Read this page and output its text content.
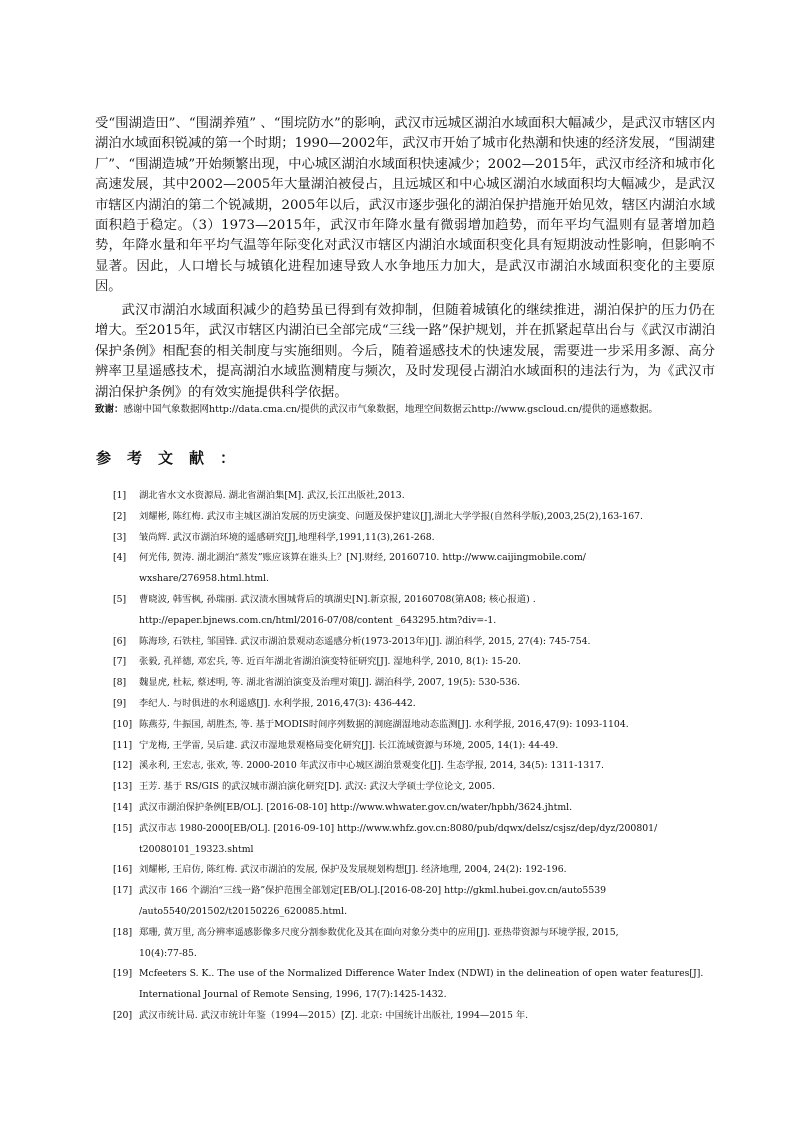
受“围湖造田”、“围湖养殖” 、“围垸防水”的影响，武汉市远城区湖泊水域面积大幅减少，是武汉市辖区内湖泊水域面积锐减的第一个时期；1990—2002年，武汉市开始了城市化热潮和快速的经济发展，“围湖建厂”、“围湖造城”开始频繁出现，中心城区湖泊水域面积快速减少；2002—2015年，武汉市经济和城市化高速发展，其中2002—2005年大量湖泊被侵占，且远城区和中心城区湖泊水域面积均大幅减少，是武汉市辖区内湖泊的第二个锐减期，2005年以后，武汉市逐步强化的湖泊保护措施开始见效，辖区内湖泊水域面积趋于稳定。（3）1973—2015年，武汉市年降水量有微弱增加趋势，而年平均气温则有显著增加趋势，年降水量和年平均气温等年际变化对武汉市辖区内湖泊水域面积变化具有短期波动性影响，但影响不显著。因此，人口增长与城镇化进程加速导致人水争地压力加大，是武汉市湖泊水域面积变化的主要原因。

武汉市湖泊水域面积减少的趋势虽已得到有效抑制，但随着城镇化的继续推进，湖泊保护的压力仍在增大。至2015年，武汉市辖区内湖泊已全部完成“三线一路”保护规划，并在抓紧起草出台与《武汉市湖泊保护条例》相配套的相关制度与实施细则。今后，随着遥感技术的快速发展，需要进一步采用多源、高分辨率卫星遥感技术，提高湖泊水域监测精度与频次，及时发现侵占湖泊水域面积的违法行为，为《武汉市湖泊保护条例》的有效实施提供科学依据。

致谢：感谢中国气象数据网http://data.cma.cn/提供的武汉市气象数据，地理空间数据云http://www.gscloud.cn/提供的遥感数据。
参考文献：
[1] 湖北省水文水资源局. 湖北省湖泊集[M]. 武汉,长江出版社,2013.
[2] 刘耀彬, 陈红梅. 武汉市主城区湖泊发展的历史演变、问题及保护建议[J],湖北大学学报(自然科学版),2003,25(2),163-167.
[3] 皱尚辉. 武汉市湖泊环境的遥感研究[J],地理科学,1991,11(3),261-268.
[4] 何光伟, 贺涛. 湖北湖泊“蒸发”账应该算在谁头上？[N].财经, 20160710. http://www.caijingmobile.com/
wxshare/276958.html.html.
[5] 曹晓波, 韩雪枫, 孙瑞丽. 武汉渍水围城背后的填湖史[N].新京报, 20160708(第A08; 核心报道) .
http://epaper.bjnews.com.cn/html/2016-07/08/content _643295.htm?div=-1.
[6] 陈海珍, 石铁柱, 邹国锋. 武汉市湖泊景观动态遥感分析(1973-2013年)[J]. 湖泊科学, 2015, 27(4): 745-754.
[7] 张毅, 孔祥德, 邓宏兵, 等. 近百年湖北省湖泊演变特征研究[J]. 湿地科学, 2010, 8(1): 15-20.
[8] 魏显虎, 杜耘, 蔡述明, 等. 湖北省湖泊演变及治理对策[J]. 湖泊科学, 2007, 19(5): 530-536.
[9] 李纪人. 与时俱进的水利遥感[J]. 水利学报, 2016,47(3): 436-442.
[10] 陈燕芬, 牛振国, 胡胜杰, 等. 基于MODIS时间序列数据的洞庭湖湿地动态监测[J]. 水利学报, 2016,47(9): 1093-1104.
[11] 宁龙梅, 王学雷, 吴后建. 武汉市湿地景观格局变化研究[J]. 长江流域资源与环境, 2005, 14(1): 44-49.
[12] 溪永利, 王宏志, 张欢, 等. 2000-2010 年武汉市中心城区湖泊景观变化[J]. 生态学报, 2014, 34(5): 1311-1317.
[13] 王芳. 基于 RS/GIS 的武汉城市湖泊演化研究[D]. 武汉: 武汉大学硕士学位论文, 2005.
[14] 武汉市湖泊保护条例[EB/OL]. [2016-08-10] http://www.whwater.gov.cn/water/hpbh/3624.jhtml.
[15] 武汉市志 1980-2000[EB/OL]. [2016-09-10] http://www.whfz.gov.cn:8080/pub/dqwx/delsz/csjsz/dep/dyz/200801/
t20080101_19323.shtml
[16] 刘耀彬, 王启仿, 陈红梅. 武汉市湖泊的发展, 保护及发展规划构想[J]. 经济地理, 2004, 24(2): 192-196.
[17] 武汉市 166 个湖泊“三线一路”保护范围全部划定[EB/OL].[2016-08-20] http://gkml.hubei.gov.cn/auto5539
/auto5540/201502/t20150226_620085.html.
[18] 郑珊, 黄万里, 高分辨率遥感影像多尺度分割参数优化及其在面向对象分类中的应用[J]. 亚热带资源与环境学报, 2015,
10(4):77-85.
[19] Mcfeeters S. K.. The use of the Normalized Difference Water Index (NDWI) in the delineation of open water features[J].
International Journal of Remote Sensing, 1996, 17(7):1425-1432.
[20] 武汉市统计局. 武汉市统计年鉴（1994—2015）[Z]. 北京: 中国统计出版社, 1994—2015 年.
